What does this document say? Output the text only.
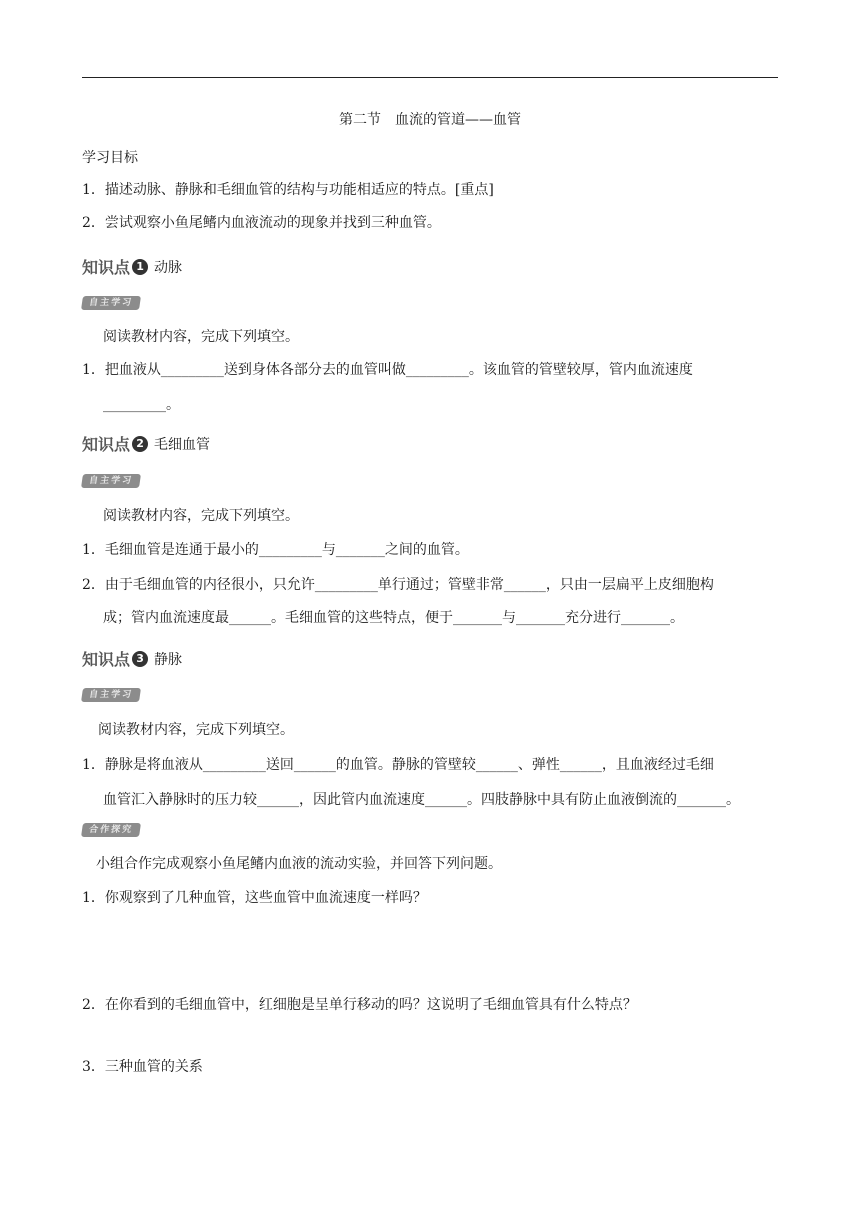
第二节　血流的管道——血管
学习目标
1．描述动脉、静脉和毛细血管的结构与功能相适应的特点。[重点]
2．尝试观察小鱼尾鳍内血液流动的现象并找到三种血管。
知识点 1 动脉
自主学习
阅读教材内容，完成下列填空。
1．把血液从_________送到身体各部分去的血管叫做_________。该血管的管壁较厚，管内血流速度
_________。
知识点 2 毛细血管
自主学习
阅读教材内容，完成下列填空。
1．毛细血管是连通于最小的_________与_______之间的血管。
2．由于毛细血管的内径很小，只允许_________单行通过；管壁非常______，只由一层扁平上皮细胞构
成；管内血流速度最______。毛细血管的这些特点，便于_______与_______充分进行_______。
知识点 3 静脉
自主学习
阅读教材内容，完成下列填空。
1．静脉是将血液从_________送回______的血管。静脉的管壁较______、弹性______，且血液经过毛细
血管汇入静脉时的压力较______，因此管内血流速度______。四肢静脉中具有防止血液倒流的_______。
合作探究
小组合作完成观察小鱼尾鳍内血液的流动实验，并回答下列问题。
1．你观察到了几种血管，这些血管中血流速度一样吗？
2．在你看到的毛细血管中，红细胞是呈单行移动的吗？这说明了毛细血管具有什么特点？
3．三种血管的关系
